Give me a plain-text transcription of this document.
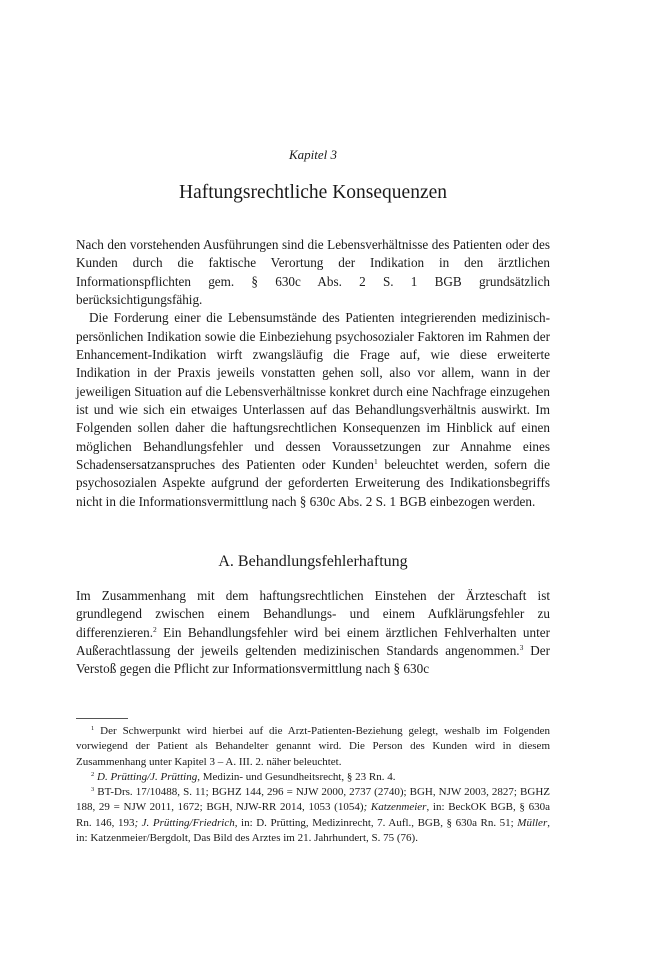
Kapitel 3
Haftungsrechtliche Konsequenzen

Nach den vorstehenden Ausführungen sind die Lebensverhältnisse des Patienten oder des Kunden durch die faktische Verortung der Indikation in den ärztlichen Informationspflichten gem. § 630c Abs. 2 S. 1 BGB grundsätzlich berücksichtigungsfähig.

Die Forderung einer die Lebensumstände des Patienten integrierenden medizinisch-persönlichen Indikation sowie die Einbeziehung psychosozialer Faktoren im Rahmen der Enhancement-Indikation wirft zwangsläufig die Frage auf, wie diese erweiterte Indikation in der Praxis jeweils vonstatten gehen soll, also vor allem, wann in der jeweiligen Situation auf die Lebensverhältnisse konkret durch eine Nachfrage einzugehen ist und wie sich ein etwaiges Unterlassen auf das Behandlungsverhältnis auswirkt. Im Folgenden sollen daher die haftungsrechtlichen Konsequenzen im Hinblick auf einen möglichen Behandlungsfehler und dessen Voraussetzungen zur Annahme eines Schadensersatzanspruches des Patienten oder Kunden$^1$ beleuchtet werden, sofern die psychosozialen Aspekte aufgrund der geforderten Erweiterung des Indikationsbegriffs nicht in die Informationsvermittlung nach § 630c Abs. 2 S. 1 BGB einbezogen werden.

A. Behandlungsfehlerhaftung

Im Zusammenhang mit dem haftungsrechtlichen Einstehen der Ärzteschaft ist grundlegend zwischen einem Behandlungs- und einem Aufklärungsfehler zu differenzieren.$^2$ Ein Behandlungsfehler wird bei einem ärztlichen Fehlverhalten unter Außerachtlassung der jeweils geltenden medizinischen Standards angenommen.$^3$ Der Verstoß gegen die Pflicht zur Informationsvermittlung nach § 630c

$^1$ Der Schwerpunkt wird hierbei auf die Arzt-Patienten-Beziehung gelegt, weshalb im Folgenden vorwiegend der Patient als Behandelter genannt wird. Die Person des Kunden wird in diesem Zusammenhang unter Kapitel 3 – A. III. 2. näher beleuchtet.

$^2$ D. Prütting/J. Prütting, Medizin- und Gesundheitsrecht, § 23 Rn. 4.

$^3$ BT-Drs. 17/10488, S. 11; BGHZ 144, 296 = NJW 2000, 2737 (2740); BGH, NJW 2003, 2827; BGHZ 188, 29 = NJW 2011, 1672; BGH, NJW-RR 2014, 1053 (1054); Katzenmeier, in: BeckOK BGB, § 630a Rn. 146, 193; J. Prütting/Friedrich, in: D. Prütting, Medizinrecht, 7. Aufl., BGB, § 630a Rn. 51; Müller, in: Katzenmeier/Bergdolt, Das Bild des Arztes im 21. Jahrhundert, S. 75 (76).
